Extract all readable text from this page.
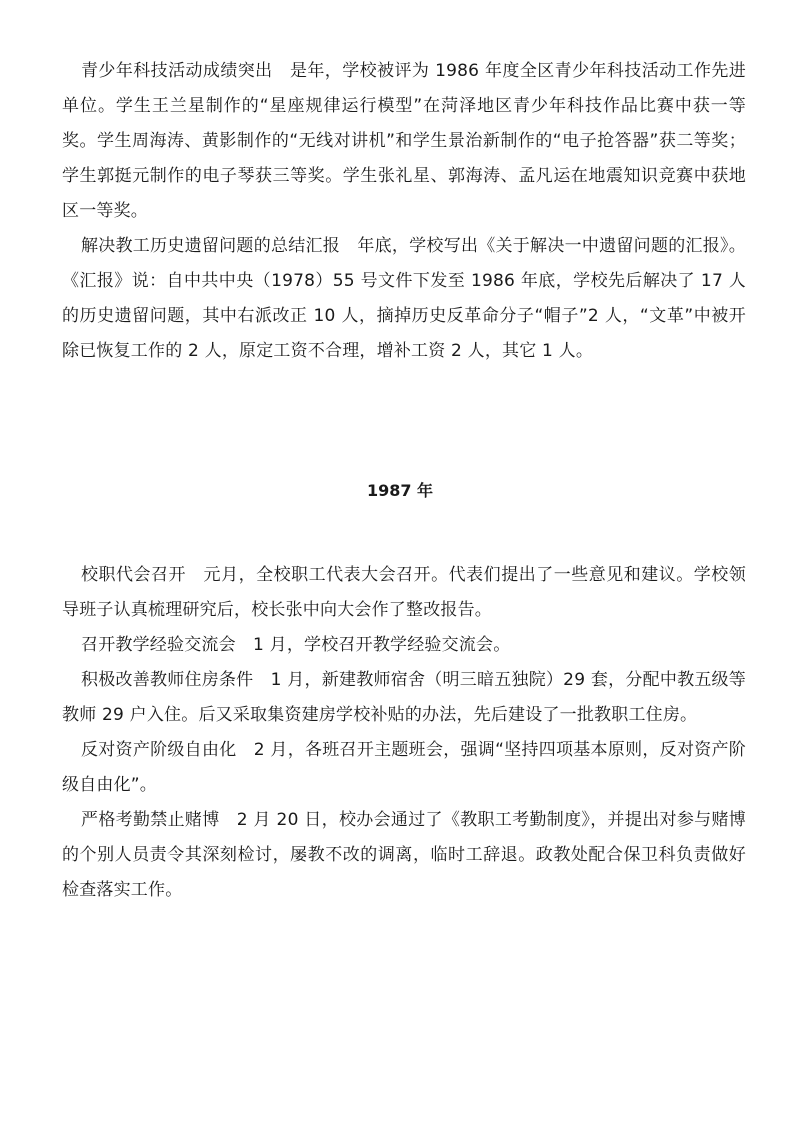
青少年科技活动成绩突出  是年，学校被评为 1986 年度全区青少年科技活动工作先进单位。学生王兰星制作的“星座规律运行模型”在菏泽地区青少年科技作品比赛中获一等奖。学生周海涛、黄影制作的“无线对讲机”和学生景治新制作的“电子抢答器”获二等奖；学生郭挺元制作的电子琴获三等奖。学生张礼星、郭海涛、孟凡运在地震知识竞赛中获地区一等奖。

解决教工历史遗留问题的总结汇报  年底，学校写出《关于解决一中遗留问题的汇报》。《汇报》说：自中共中央（1978）55 号文件下发至 1986 年底，学校先后解决了 17 人的历史遗留问题，其中右派改正 10 人，摘掉历史反革命分子“帽子”2 人，“文革”中被开除已恢复工作的 2 人，原定工资不合理，增补工资 2 人，其它 1 人。

1987 年

校职代会召开  元月，全校职工代表大会召开。代表们提出了一些意见和建议。学校领导班子认真梳理研究后，校长张中向大会作了整改报告。

召开教学经验交流会  1 月，学校召开教学经验交流会。

积极改善教师住房条件  1 月，新建教师宿舍（明三暗五独院）29 套，分配中教五级等教师 29 户入住。后又采取集资建房学校补贴的办法，先后建设了一批教职工住房。

反对资产阶级自由化  2 月，各班召开主题班会，强调“坚持四项基本原则，反对资产阶级自由化”。

严格考勤禁止赌博  2 月 20 日，校办会通过了《教职工考勤制度》，并提出对参与赌博的个别人员责令其深刻检讨，屡教不改的调离，临时工辞退。政教处配合保卫科负责做好检查落实工作。
